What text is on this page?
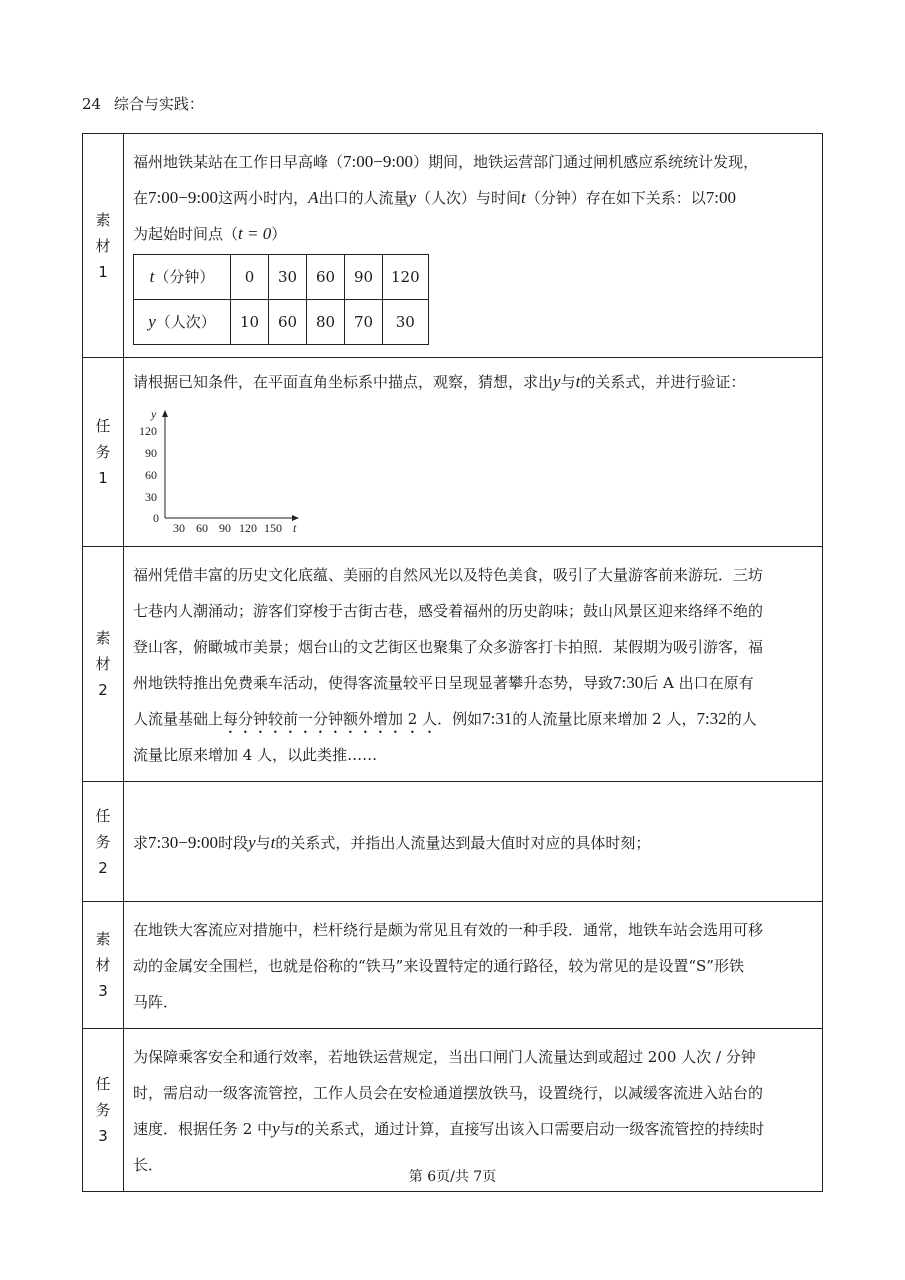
24 综合与实践：
素
材
1

福州地铁某站在工作日早高峰（7:00−9:00）期间，地铁运营部门通过闸机感应系统统计发现，
在7:00−9:00这两小时内，A出口的人流量y（人次）与时间t（分钟）存在如下关系：以7:00
为起始时间点（t = 0）
t（分钟）	0	30	60	90	120
y（人次）	10	60	80	70	30

任
务
1

请根据已知条件，在平面直角坐标系中描点，观察，猜想，求出y与t的关系式，并进行验证：
y
t
0
120
90
60
30
30 60 90 120 150

素
材
2

福州凭借丰富的历史文化底蕴、美丽的自然风光以及特色美食，吸引了大量游客前来游玩．三坊
七巷内人潮涌动；游客们穿梭于古街古巷，感受着福州的历史韵味；鼓山风景区迎来络绎不绝的
登山客，俯瞰城市美景；烟台山的文艺街区也聚集了众多游客打卡拍照．某假期为吸引游客，福
州地铁特推出免费乘车活动，使得客流量较平日呈现显著攀升态势，导致7:30后 A 出口在原有
人流量基础上每分钟较前一分钟额外增加 2 人．例如7:31的人流量比原来增加 2 人，7:32的人
流量比原来增加 4 人，以此类推……

任
务
2

求7:30−9:00时段y与t的关系式，并指出人流量达到最大值时对应的具体时刻；

素
材
3

在地铁大客流应对措施中，栏杆绕行是颇为常见且有效的一种手段．通常，地铁车站会选用可移
动的金属安全围栏，也就是俗称的“铁马”来设置特定的通行路径，较为常见的是设置“S”形铁
马阵．

任
务
3

为保障乘客安全和通行效率，若地铁运营规定，当出口闸门人流量达到或超过 200 人次 / 分钟
时，需启动一级客流管控，工作人员会在安检通道摆放铁马，设置绕行，以减缓客流进入站台的
速度．根据任务 2 中y与t的关系式，通过计算，直接写出该入口需要启动一级客流管控的持续时
长．
第 6页/共 7页
